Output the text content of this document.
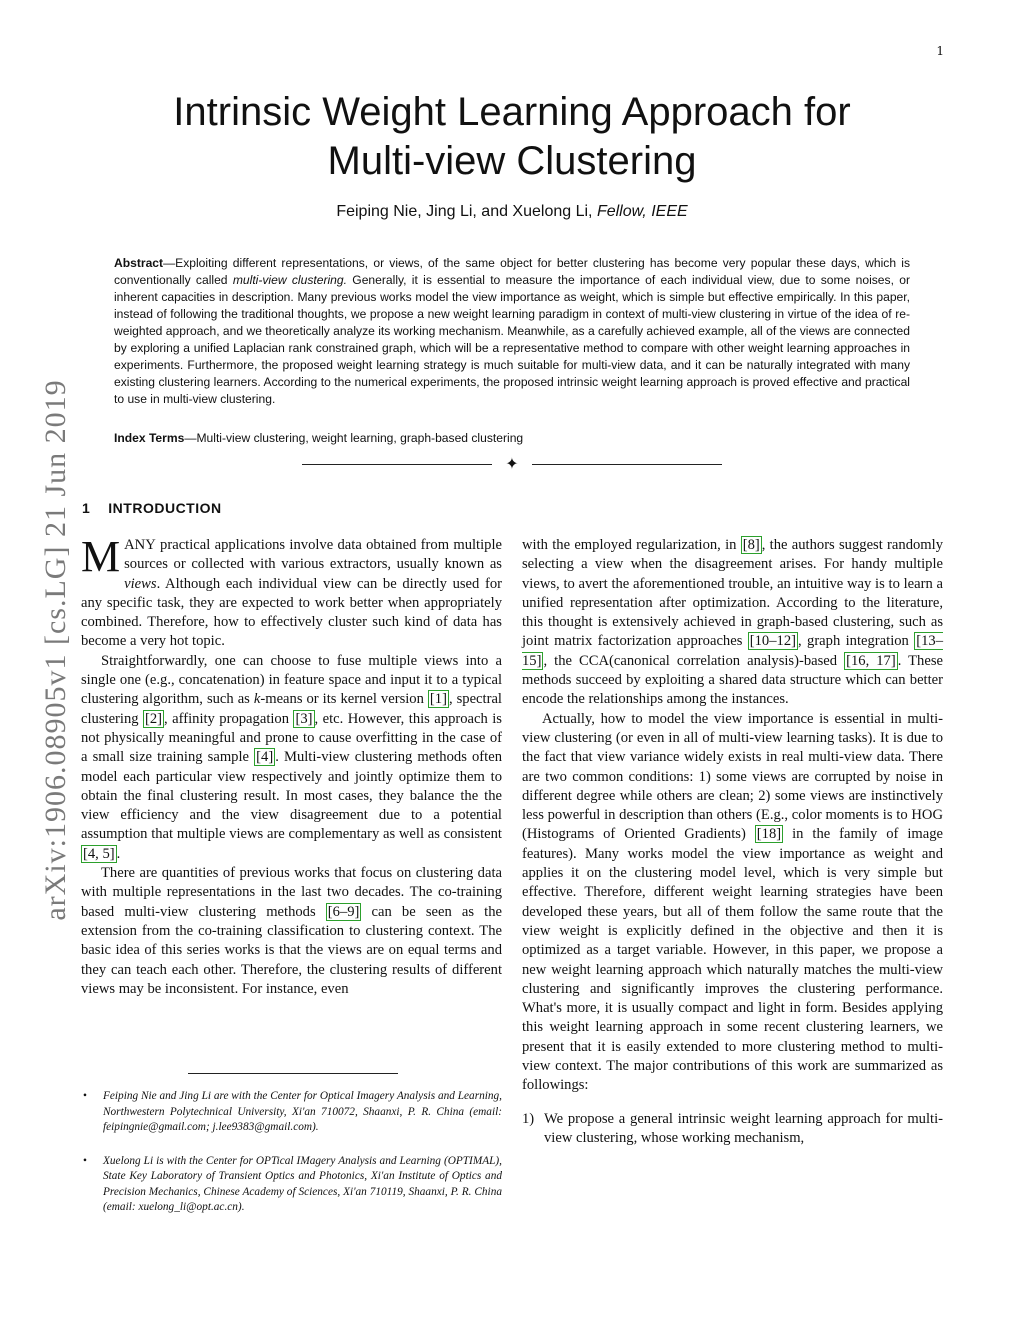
1
arXiv:1906.08905v1 [cs.LG] 21 Jun 2019
Intrinsic Weight Learning Approach for
Multi-view Clustering
Feiping Nie, Jing Li, and Xuelong Li, Fellow, IEEE
Abstract—Exploiting different representations, or views, of the same object for better clustering has become very popular these days, which is conventionally called multi-view clustering. Generally, it is essential to measure the importance of each individual view, due to some noises, or inherent capacities in description. Many previous works model the view importance as weight, which is simple but effective empirically. In this paper, instead of following the traditional thoughts, we propose a new weight learning paradigm in context of multi-view clustering in virtue of the idea of re-weighted approach, and we theoretically analyze its working mechanism. Meanwhile, as a carefully achieved example, all of the views are connected by exploring a unified Laplacian rank constrained graph, which will be a representative method to compare with other weight learning approaches in experiments. Furthermore, the proposed weight learning strategy is much suitable for multi-view data, and it can be naturally integrated with many existing clustering learners. According to the numerical experiments, the proposed intrinsic weight learning approach is proved effective and practical to use in multi-view clustering.
Index Terms—Multi-view clustering, weight learning, graph-based clustering
✦
1 INTRODUCTION

MANY practical applications involve data obtained from multiple sources or collected with various extractors, usually known as views. Although each individual view can be directly used for any specific task, they are expected to work better when appropriately combined. Therefore, how to effectively cluster such kind of data has become a very hot topic.

Straightforwardly, one can choose to fuse multiple views into a single one (e.g., concatenation) in feature space and input it to a typical clustering algorithm, such as k-means or its kernel version [1] , spectral clustering [2] , affinity propagation [3] , etc. However, this approach is not physically meaningful and prone to cause overfitting in the case of a small size training sample [4] . Multi-view clustering methods often model each particular view respectively and jointly optimize them to obtain the final clustering result. In most cases, they balance the the view efficiency and the view disagreement due to a potential assumption that multiple views are complementary as well as consistent [4, 5] .

There are quantities of previous works that focus on clustering data with multiple representations in the last two decades. The co-training based multi-view clustering methods [6–9] can be seen as the extension from the co-training classification to clustering context. The basic idea of this series works is that the views are on equal terms and they can teach each other. Therefore, the clustering results of different views may be inconsistent. For instance, even

• Feiping Nie and Jing Li are with the Center for Optical Imagery Analysis and Learning, Northwestern Polytechnical University, Xi'an 710072, Shaanxi, P. R. China (email: feipingnie@gmail.com; j.lee9383@gmail.com).
• Xuelong Li is with the Center for OPTical IMagery Analysis and Learning (OPTIMAL), State Key Laboratory of Transient Optics and Photonics, Xi'an Institute of Optics and Precision Mechanics, Chinese Academy of Sciences, Xi'an 710119, Shaanxi, P. R. China (email: xuelong_li@opt.ac.cn).

with the employed regularization, in [8] , the authors suggest randomly selecting a view when the disagreement arises. For handy multiple views, to avert the aforementioned trouble, an intuitive way is to learn a unified representation after optimization. According to the literature, this thought is extensively achieved in graph-based clustering, such as joint matrix factorization approaches [10–12] , graph integration [13–15] , the CCA(canonical correlation analysis)-based [16, 17] . These methods succeed by exploiting a shared data structure which can better encode the relationships among the instances.

Actually, how to model the view importance is essential in multi-view clustering (or even in all of multi-view learning tasks). It is due to the fact that view variance widely exists in real multi-view data. There are two common conditions: 1) some views are corrupted by noise in different degree while others are clean; 2) some views are instinctively less powerful in description than others (E.g., color moments is to HOG (Histograms of Oriented Gradients) [18] in the family of image features). Many works model the view importance as weight and applies it on the clustering model level, which is very simple but effective. Therefore, different weight learning strategies have been developed these years, but all of them follow the same route that the view weight is explicitly defined in the objective and then it is optimized as a target variable. However, in this paper, we propose a new weight learning approach which naturally matches the multi-view clustering and significantly improves the clustering performance. What's more, it is usually compact and light in form. Besides applying this weight learning approach in some recent clustering learners, we present that it is easily extended to more clustering method to multi-view context. The major contributions of this work are summarized as followings:

1) We propose a general intrinsic weight learning approach for multi-view clustering, whose working mechanism,
